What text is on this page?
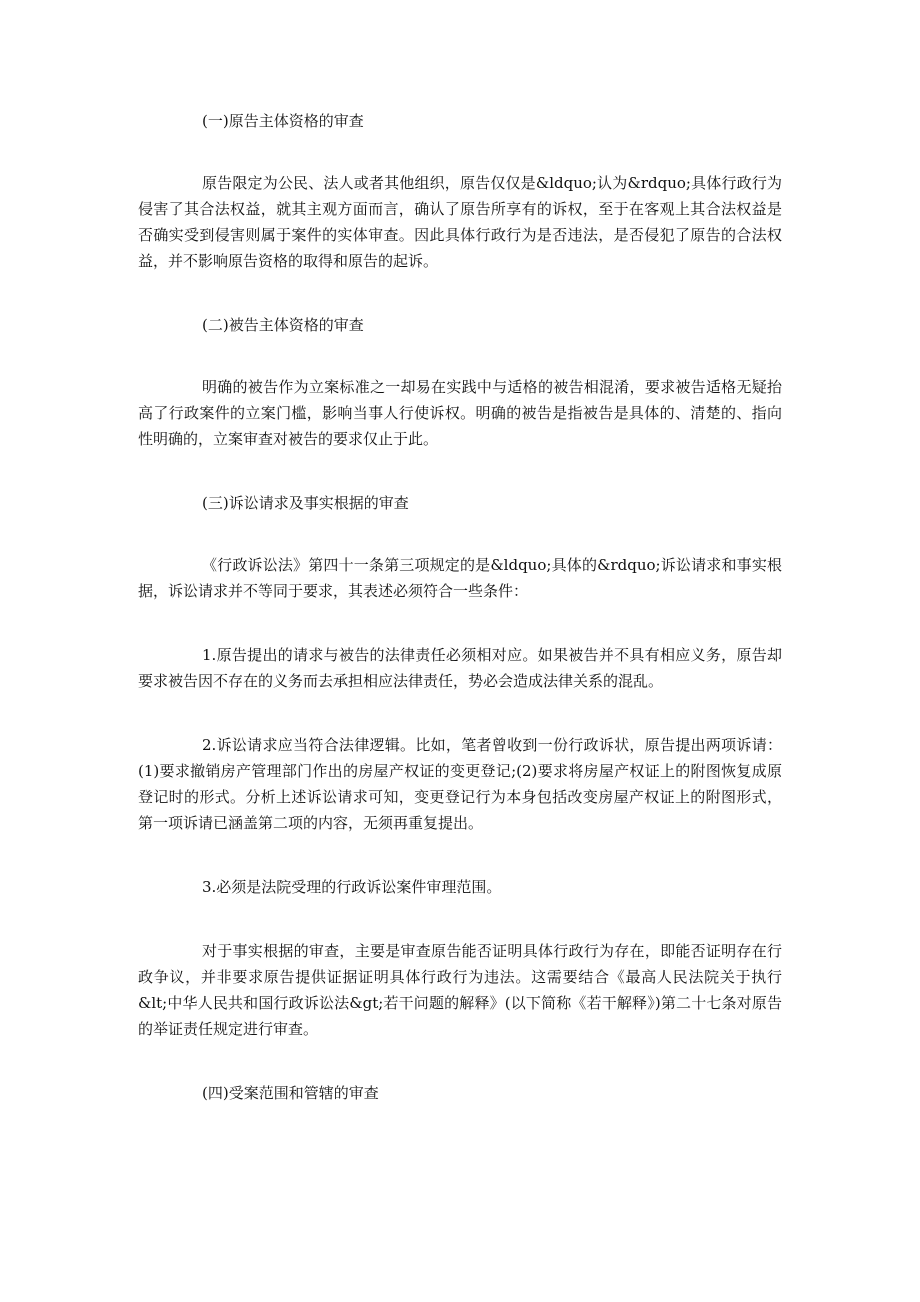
(一)原告主体资格的审查

原告限定为公民、法人或者其他组织，原告仅仅是&ldquo;认为&rdquo;具体行政行为侵害了其合法权益，就其主观方面而言，确认了原告所享有的诉权，至于在客观上其合法权益是否确实受到侵害则属于案件的实体审查。因此具体行政行为是否违法，是否侵犯了原告的合法权益，并不影响原告资格的取得和原告的起诉。

(二)被告主体资格的审查

明确的被告作为立案标准之一却易在实践中与适格的被告相混淆，要求被告适格无疑抬高了行政案件的立案门槛，影响当事人行使诉权。明确的被告是指被告是具体的、清楚的、指向性明确的，立案审查对被告的要求仅止于此。

(三)诉讼请求及事实根据的审查

《行政诉讼法》第四十一条第三项规定的是&ldquo;具体的&rdquo;诉讼请求和事实根据，诉讼请求并不等同于要求，其表述必须符合一些条件：

1.原告提出的请求与被告的法律责任必须相对应。如果被告并不具有相应义务，原告却要求被告因不存在的义务而去承担相应法律责任，势必会造成法律关系的混乱。

2.诉讼请求应当符合法律逻辑。比如，笔者曾收到一份行政诉状，原告提出两项诉请：(1)要求撤销房产管理部门作出的房屋产权证的变更登记;(2)要求将房屋产权证上的附图恢复成原登记时的形式。分析上述诉讼请求可知，变更登记行为本身包括改变房屋产权证上的附图形式，第一项诉请已涵盖第二项的内容，无须再重复提出。

3.必须是法院受理的行政诉讼案件审理范围。

对于事实根据的审查，主要是审查原告能否证明具体行政行为存在，即能否证明存在行政争议，并非要求原告提供证据证明具体行政行为违法。这需要结合《最高人民法院关于执行&lt;中华人民共和国行政诉讼法&gt;若干问题的解释》(以下简称《若干解释》)第二十七条对原告的举证责任规定进行审查。

(四)受案范围和管辖的审查
